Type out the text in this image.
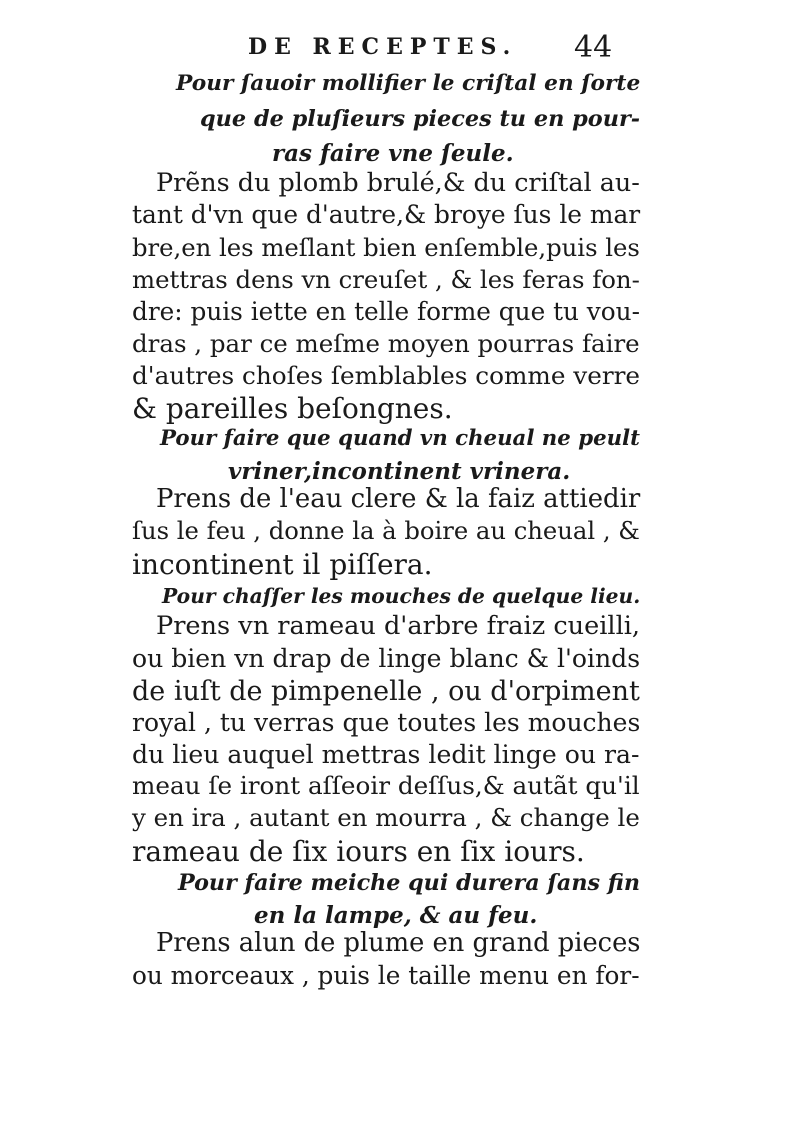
DE RECEPTES. 44
Pour ſauoir mollifier le criſtal en ſorte
que de pluſieurs pieces tu en pour-
ras faire vne ſeule.
Prẽns du plomb brulé,& du criſtal au-
tant d'vn que d'autre,& broye ſus le mar
bre,en les meſlant bien enſemble,puis les
mettras dens vn creuſet , & les feras fon-
dre: puis iette en telle forme que tu vou-
dras , par ce meſme moyen pourras faire
d'autres choſes ſemblables comme verre
& pareilles beſongnes.
Pour faire que quand vn cheual ne peult
vriner,incontinent vrinera.
Prens de l'eau clere & la faiz attiedir
ſus le feu , donne la à boire au cheual , &
incontinent il piſſera.
Pour chaſſer les mouches de quelque lieu.
Prens vn rameau d'arbre fraiz cueilli,
ou bien vn drap de linge blanc & l'oinds
de iuſt de pimpenelle , ou d'orpiment
royal , tu verras que toutes les mouches
du lieu auquel mettras ledit linge ou ra-
meau ſe iront aſſeoir deſſus,& autãt qu'il
y en ira , autant en mourra , & change le
rameau de ſix iours en ſix iours.
Pour faire meiche qui durera ſans fin
en la lampe, & au feu.
Prens alun de plume en grand pieces
ou morceaux , puis le taille menu en for-
